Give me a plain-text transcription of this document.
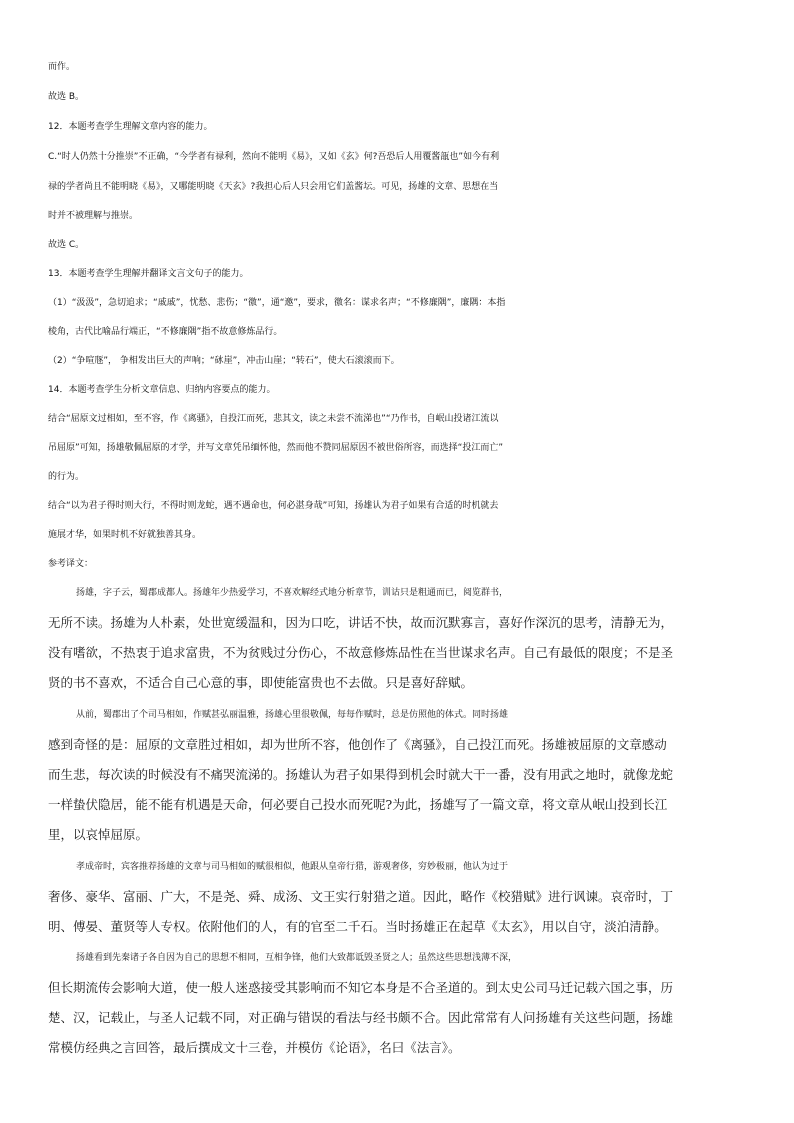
而作。
故选 B。
12．本题考查学生理解文章内容的能力。
C.“时人仍然十分推崇”不正确，“今学者有禄利，然向不能明《易》，又如《玄》何?吾恐后人用覆酱瓿也”如今有利
禄的学者尚且不能明晓《易》，又哪能明晓《天玄》?我担心后人只会用它们盖酱坛。可见，扬雄的文章、思想在当
时并不被理解与推崇。
故选 C。
13．本题考查学生理解并翻译文言文句子的能力。
（1）“汲汲”，急切追求；“戚戚”，忧愁、悲伤；“徼”，通“邀”，要求，徼名：谋求名声；“不修廉隅”，廉隅：本指
棱角，古代比喻品行端正，“不修廉隅”指不故意修炼品行。
（2）“争喧豗”， 争相发出巨大的声响；“砯崖”，冲击山崖；“转石”，使大石滚滚而下。
14．本题考查学生分析文章信息、归纳内容要点的能力。
结合“屈原文过相如，至不容，作《离骚》，自投江而死，悲其文，读之未尝不流涕也”“乃作书，自岷山投诸江流以
吊屈原”可知，扬雄敬佩屈原的才学，并写文章凭吊缅怀他，然而他不赞同屈原因不被世俗所容，而选择“投江而亡”
的行为。
结合“以为君子得时则大行，不得时则龙蛇，遇不遇命也，何必湛身哉”可知，扬雄认为君子如果有合适的时机就去
施展才华，如果时机不好就独善其身。
参考译文：
扬雄，字子云，蜀郡成都人。扬雄年少热爱学习，不喜欢解经式地分析章节，训诂只是粗通而已，阅览群书，
无所不读。扬雄为人朴素，处世宽缓温和，因为口吃，讲话不快，故而沉默寡言，喜好作深沉的思考，清静无为，
没有嗜欲，不热衷于追求富贵，不为贫贱过分伤心，不故意修炼品性在当世谋求名声。自己有最低的限度；不是圣
贤的书不喜欢，不适合自己心意的事，即使能富贵也不去做。只是喜好辞赋。
从前，蜀郡出了个司马相如，作赋甚弘丽温雅，扬雄心里很敬佩，每每作赋时，总是仿照他的体式。同时扬雄
感到奇怪的是：屈原的文章胜过相如，却为世所不容，他创作了《离骚》，自己投江而死。扬雄被屈原的文章感动
而生悲，每次读的时候没有不痛哭流涕的。扬雄认为君子如果得到机会时就大干一番，没有用武之地时，就像龙蛇
一样蛰伏隐居，能不能有机遇是天命，何必要自己投水而死呢?为此，扬雄写了一篇文章，将文章从岷山投到长江
里，以哀悼屈原。
孝成帝时，宾客推荐扬雄的文章与司马相如的赋很相似，他跟从皇帝行猎，游观奢侈，穷妙极丽，他认为过于
奢侈、豪华、富丽、广大，不是尧、舜、成汤、文王实行射猎之道。因此，略作《校猎赋》进行讽谏。哀帝时，丁
明、傅晏、董贤等人专权。依附他们的人，有的官至二千石。当时扬雄正在起草《太玄》，用以自守，淡泊清静。
扬雄看到先秦诸子各自因为自己的思想不相同，互相争锋，他们大致都诋毁圣贤之人；虽然这些思想浅薄不深，
但长期流传会影响大道，使一般人迷惑接受其影响而不知它本身是不合圣道的。到太史公司马迁记载六国之事，历
楚、汉，记载止，与圣人记载不同，对正确与错误的看法与经书颇不合。因此常常有人问扬雄有关这些问题，扬雄
常模仿经典之言回答，最后撰成文十三卷，并模仿《论语》，名曰《法言》。
